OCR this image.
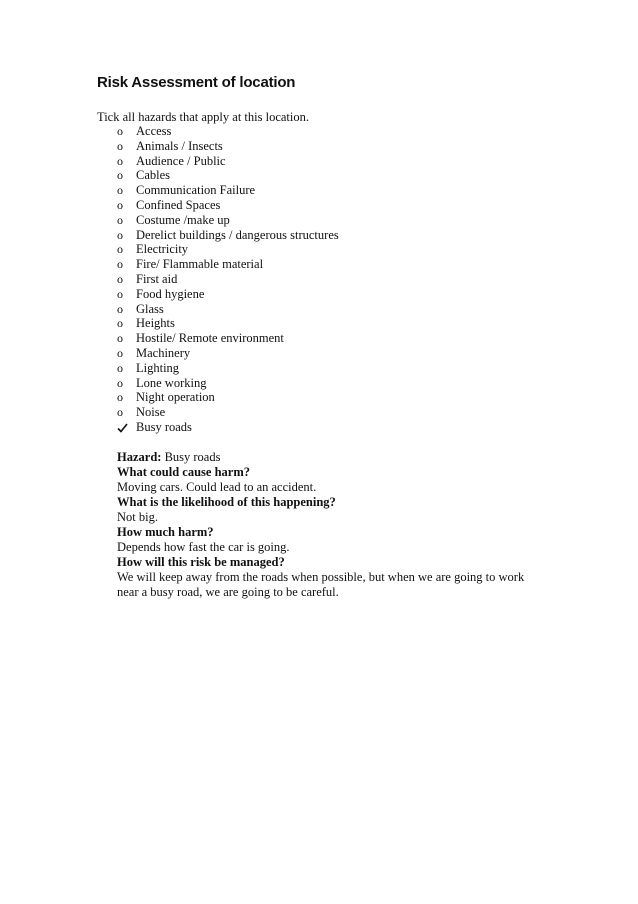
Risk Assessment of location
Tick all hazards that apply at this location.
o	Access
o	Animals / Insects
o	Audience / Public
o	Cables
o	Communication Failure
o	Confined Spaces
o	Costume /make up
o	Derelict buildings / dangerous structures
o	Electricity
o	Fire/ Flammable material
o	First aid
o	Food hygiene
o	Glass
o	Heights
o	Hostile/ Remote environment
o	Machinery
o	Lighting
o	Lone working
o	Night operation
o	Noise
Busy roads
Hazard: Busy roads
What could cause harm?
Moving cars. Could lead to an accident.
What is the likelihood of this happening?
Not big.
How much harm?
Depends how fast the car is going.
How will this risk be managed?
We will keep away from the roads when possible, but when we are going to work near a busy road, we are going to be careful.
